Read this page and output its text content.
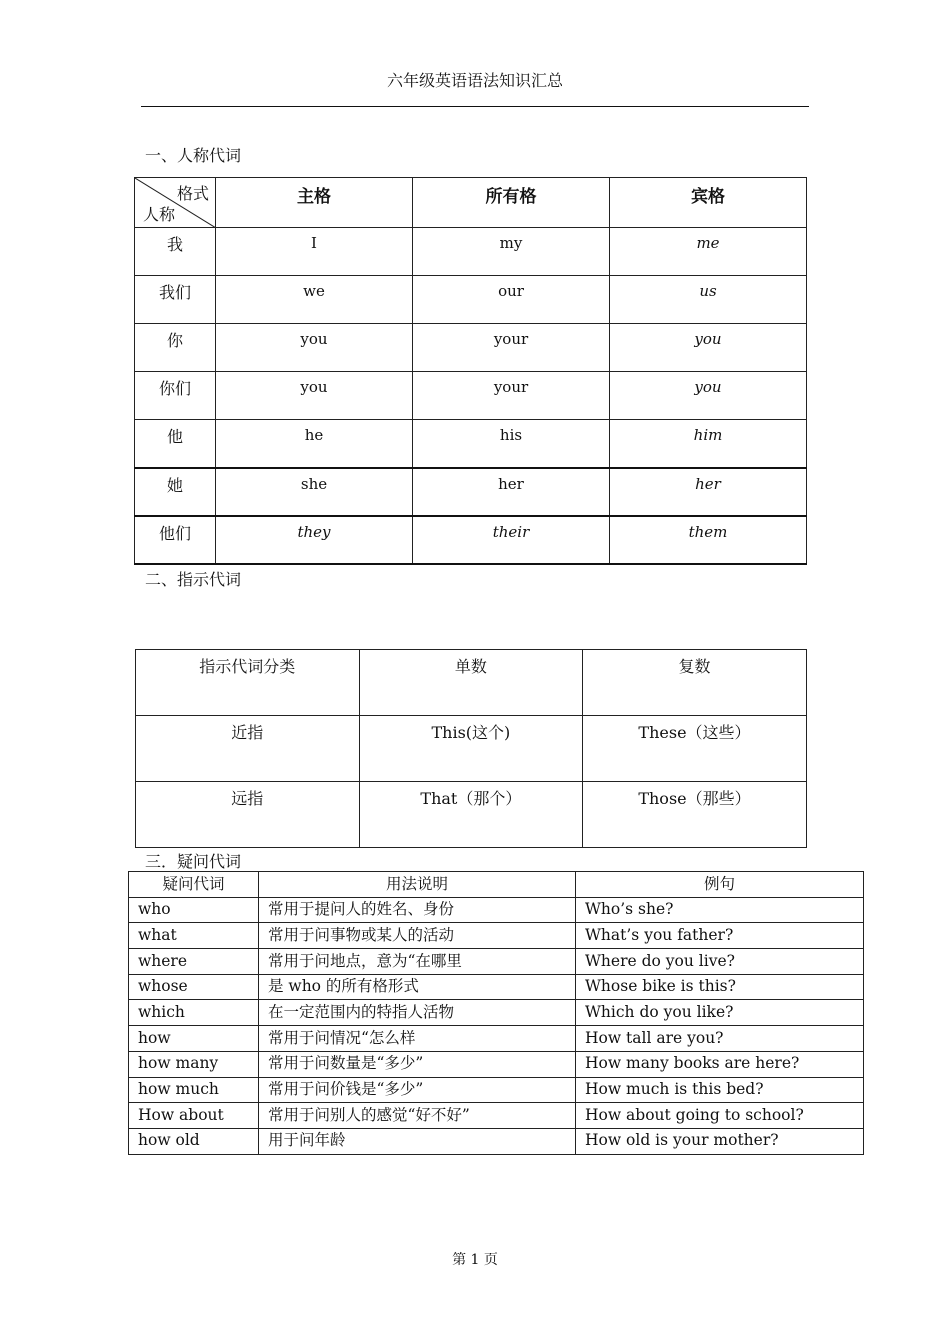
六年级英语语法知识汇总
一、人称代词
格式
人称	主格	所有格	宾格
我	I	my	me
我们	we	our	us
你	you	your	you
你们	you	your	you
他	he	his	him
她	she	her	her
他们	they	their	them
二、指示代词
指示代词分类	单数	复数
近指	This(这个)	These（这些）
远指	That（那个）	Those（那些）
三．疑问代词
疑问代词	用法说明	例句
who	常用于提问人的姓名、身份	Who’s she?
what	常用于问事物或某人的活动	What’s you father?
where	常用于问地点，意为“在哪里	Where do you live?
whose	是 who 的所有格形式	Whose bike is this?
which	在一定范围内的特指人活物	Which do you like?
how	常用于问情况“怎么样	How tall are you?
how many	常用于问数量是“多少”	How many books are here?
how much	常用于问价钱是“多少”	How much is this bed?
How about	常用于问别人的感觉“好不好”	How about going to school?
how old	用于问年龄	How old is your mother?
第 1 页
